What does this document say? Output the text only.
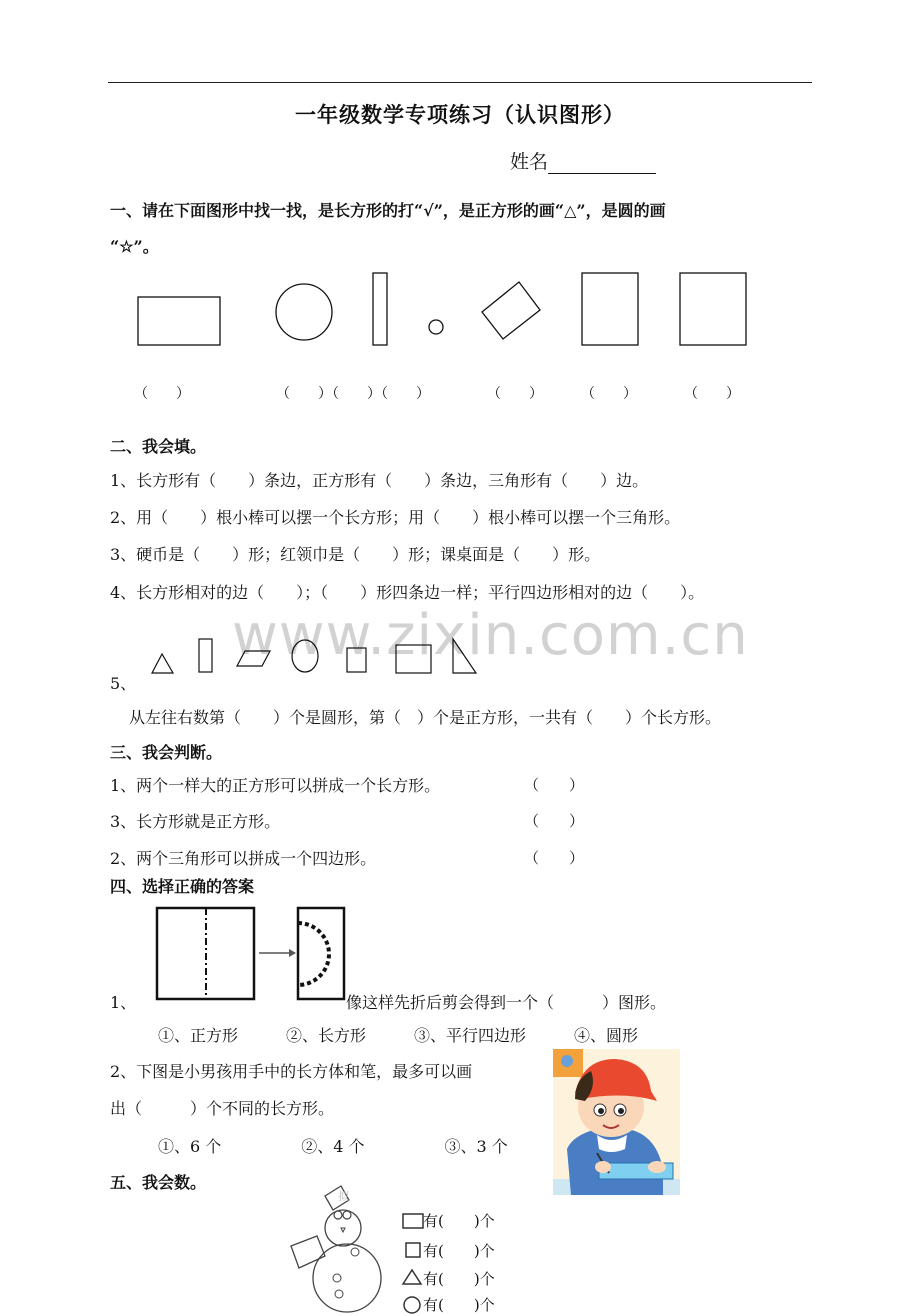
一年级数学专项练习（认识图形）
姓名
一、请在下面图形中找一找，是长方形的打“√”，是正方形的画“△”，是圆的画
“☆”。
（　　）	（　　）（　　）（　　）	（　　）	（　　）	（　　）
二、我会填。
1、长方形有（　　）条边，正方形有（　　）条边，三角形有（　　）边。
2、用（　　）根小棒可以摆一个长方形；用（　　）根小棒可以摆一个三角形。
3、硬币是（　　）形；红领巾是（　　）形；课桌面是（　　）形。
4、长方形相对的边（　　）；（　　）形四条边一样；平行四边形相对的边（　　）。
www.zixin.com.cn
5、
从左往右数第（　　）个是圆形，第（　）个是正方形，一共有（　　）个长方形。
三、我会判断。
1、两个一样大的正方形可以拼成一个长方形。	（　　）
3、长方形就是正方形。	（　　）
2、两个三角形可以拼成一个四边形。	（　　）
四、选择正确的答案
1、	像这样先折后剪会得到一个（　　　）图形。
①、正方形　　　②、长方形　　　③、平行四边形　　　④、圆形
2、下图是小男孩用手中的长方体和笔，最多可以画
出（　　　）个不同的长方形。
①、6 个　　　　　②、4 个　　　　　③、3 个
五、我会数。
拟
有(　　)个
有(　　)个
有(　　)个
有(　　)个
